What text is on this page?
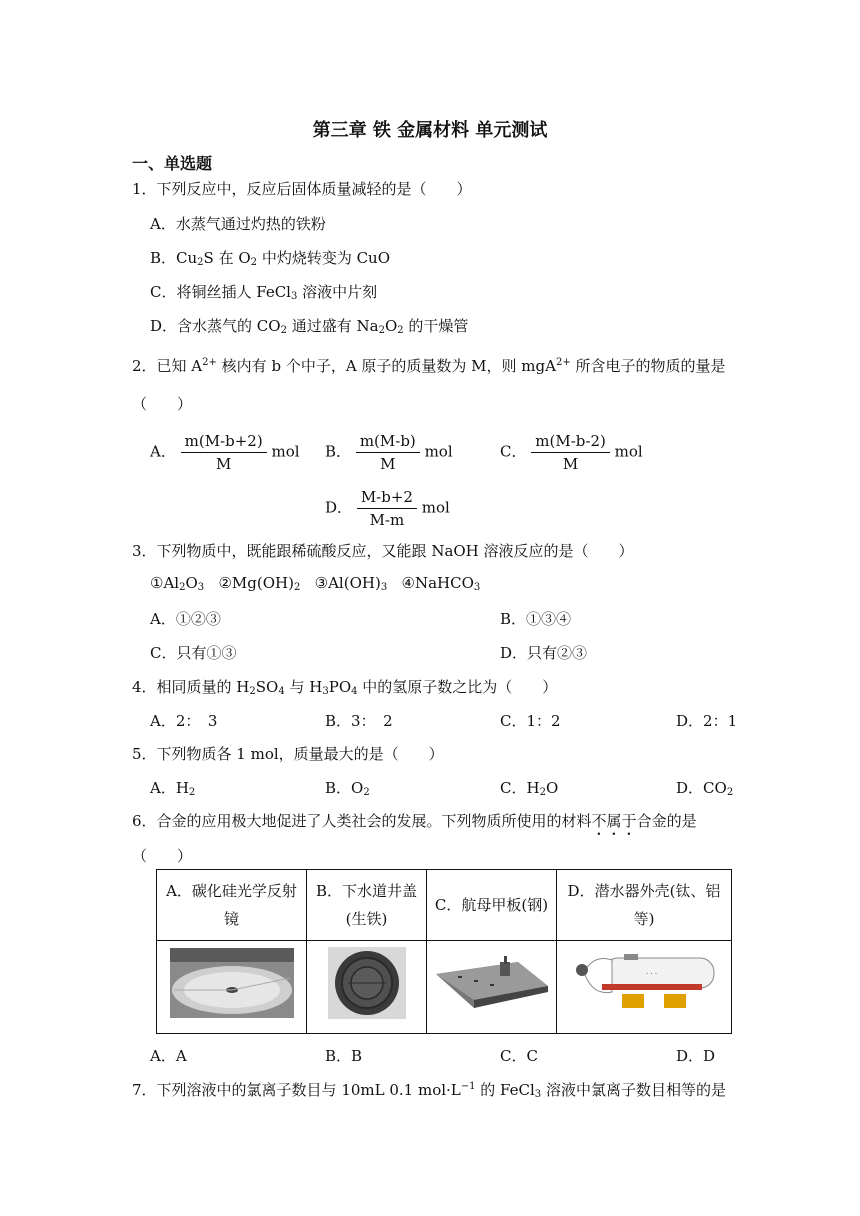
第三章 铁 金属材料 单元测试
一、单选题
1．下列反应中，反应后固体质量减轻的是（　　）
A．水蒸气通过灼热的铁粉
B．$Cu_2S$ 在 $O_2$ 中灼烧转变为 CuO
C．将铜丝插人 FeCl$_3$ 溶液中片刻
D．含水蒸气的 $CO_2$ 通过盛有 $Na_2O_2$ 的干燥管
2．已知 $A^{2+}$ 核内有 b 个中子，A 原子的质量数为 M，则 mgA$^{2+}$ 所含电子的物质的量是
（　　）
A． $\frac{m(M-b+2)}{M}$ mol B． $\frac{m(M-b)}{M}$ mol	C． $\frac{m(M-b-2)}{M}$ mol
D． $\frac{M-b+2}{M-m}$ mol
3．下列物质中，既能跟稀硫酸反应，又能跟 NaOH 溶液反应的是（　　）
$①Al_2O_3$ $②Mg(OH)_2$ $③Al(OH)_3$ ④NaHCO$_3$
A．①②③	B．①③④
C．只有①③	D．只有②③
4．相同质量的 $H_2SO_4$ 与 $H_3PO_4$ 中的氢原子数之比为（　　）
A．2：　3	B．3：　2	C．1：2	D．2：1
5．下列物质各 1 mol，质量最大的是（　　）
A．$H_2$	B．$O_2$	C．$H_2O$	D．$CO_2$
6．合金的应用极大地促进了人类社会的发展。下列物质所使用的材料不属于合金的是
（　　）
A．碳化硅光学反射镜	B．下水道井盖(生铁)	C．航母甲板(钢)	D．潜水器外壳(钛、铝等)

· · ·
A．A	B．B	C．C	D．D
7．下列溶液中的氯离子数目与 10mL 0.1 $mol\cdot L^{-1}$ 的 FeCl$_3$ 溶液中氯离子数目相等的是
